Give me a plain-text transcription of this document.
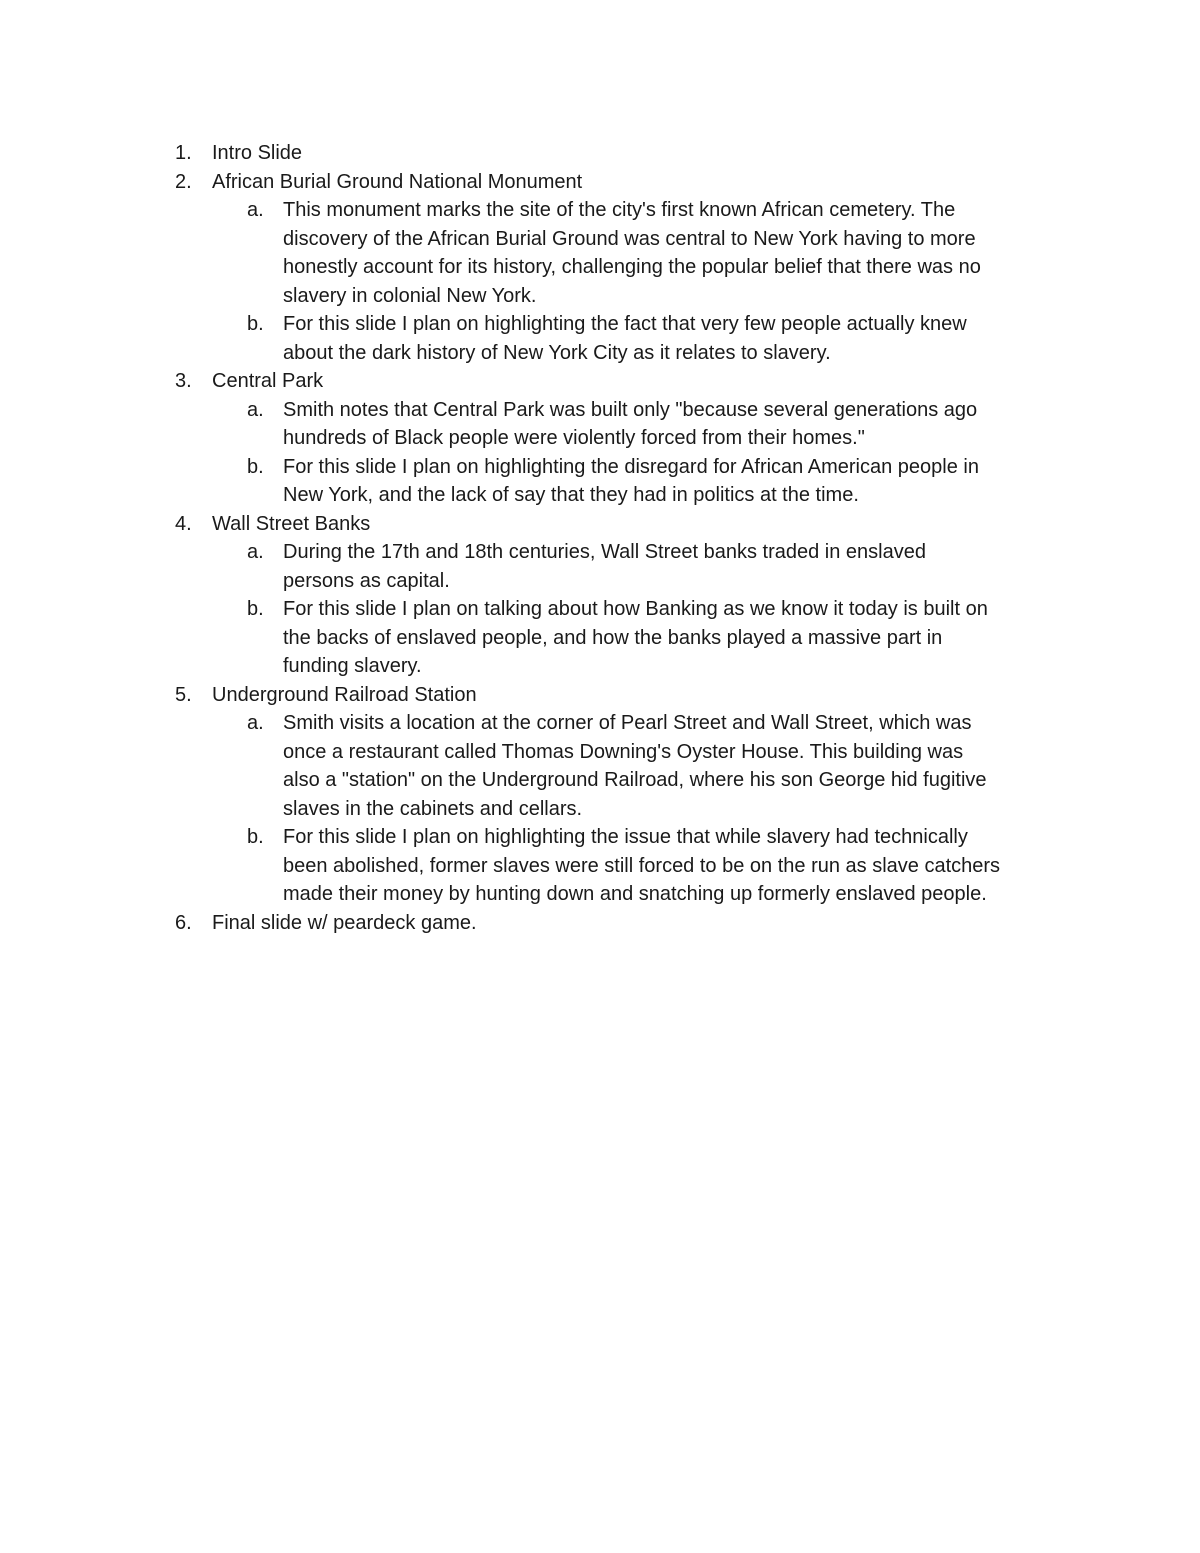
1.	Intro Slide
2.	African Burial Ground National Monument
a. This monument marks the site of the city's first known African cemetery. The
discovery of the African Burial Ground was central to New York having to more
honestly account for its history, challenging the popular belief that there was no
slavery in colonial New York.
b. For this slide I plan on highlighting the fact that very few people actually knew
about the dark history of New York City as it relates to slavery.
3.	Central Park
a. Smith notes that Central Park was built only "because several generations ago
hundreds of Black people were violently forced from their homes."
b. For this slide I plan on highlighting the disregard for African American people in
New York, and the lack of say that they had in politics at the time.
4.	Wall Street Banks
a. During the 17th and 18th centuries, Wall Street banks traded in enslaved
persons as capital.
b. For this slide I plan on talking about how Banking as we know it today is built on
the backs of enslaved people, and how the banks played a massive part in
funding slavery.
5.	Underground Railroad Station
a. Smith visits a location at the corner of Pearl Street and Wall Street, which was
once a restaurant called Thomas Downing's Oyster House. This building was
also a "station" on the Underground Railroad, where his son George hid fugitive
slaves in the cabinets and cellars.
b. For this slide I plan on highlighting the issue that while slavery had technically
been abolished, former slaves were still forced to be on the run as slave catchers
made their money by hunting down and snatching up formerly enslaved people.
6.	Final slide w/ peardeck game.
